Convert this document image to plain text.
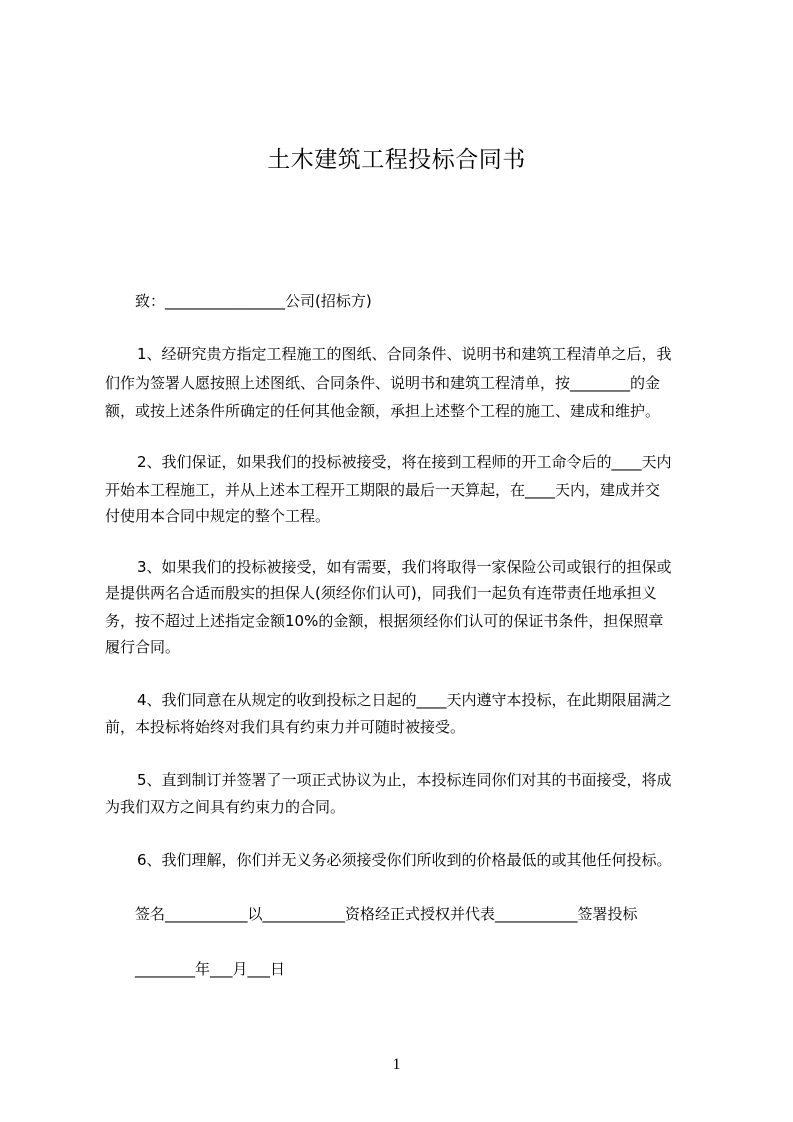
土木建筑工程投标合同书

致：________________公司(招标方)

1、经研究贵方指定工程施工的图纸、合同条件、说明书和建筑工程清单之后，我

们作为签署人愿按照上述图纸、合同条件、说明书和建筑工程清单，按________的金

额，或按上述条件所确定的任何其他金额，承担上述整个工程的施工、建成和维护。

2、我们保证，如果我们的投标被接受，将在接到工程师的开工命令后的____天内

开始本工程施工，并从上述本工程开工期限的最后一天算起，在____天内，建成并交

付使用本合同中规定的整个工程。

3、如果我们的投标被接受，如有需要，我们将取得一家保险公司或银行的担保或

是提供两名合适而殷实的担保人(须经你们认可)，同我们一起负有连带责任地承担义

务，按不超过上述指定金额10%的金额，根据须经你们认可的保证书条件，担保照章

履行合同。

4、我们同意在从规定的收到投标之日起的____天内遵守本投标，在此期限届满之

前，本投标将始终对我们具有约束力并可随时被接受。

5、直到制订并签署了一项正式协议为止，本投标连同你们对其的书面接受，将成

为我们双方之间具有约束力的合同。

6、我们理解，你们并无义务必须接受你们所收到的价格最低的或其他任何投标。

签名___________以___________资格经正式授权并代表___________签署投标

________年___月___日

1
